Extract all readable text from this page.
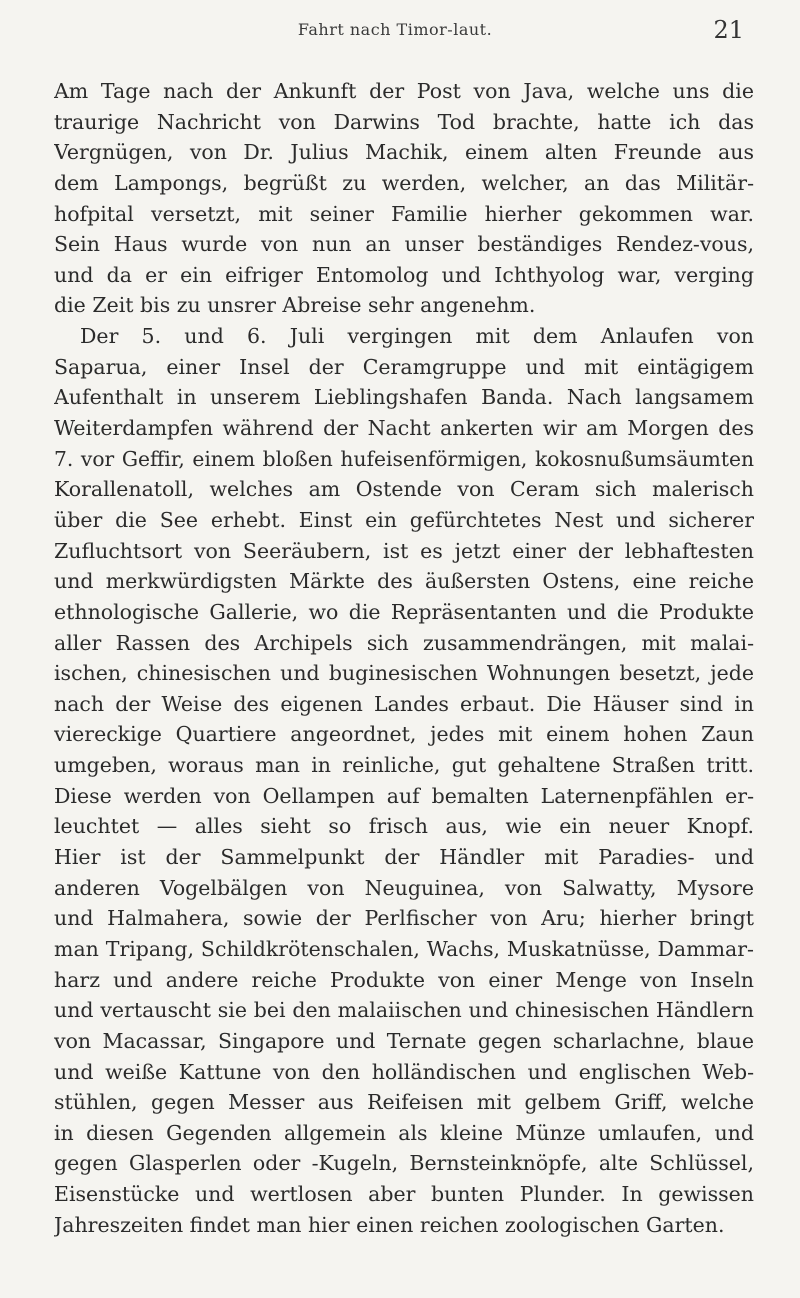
Fahrt nach Timor-laut.	21
Am Tage nach der Ankunft der Post von Java, welche uns die
traurige Nachricht von Darwins Tod brachte, hatte ich das
Vergnügen, von Dr. Julius Machik, einem alten Freunde aus
dem Lampongs, begrüßt zu werden, welcher, an das Militär-
hofpital versetzt, mit seiner Familie hierher gekommen war.
Sein Haus wurde von nun an unser beständiges Rendez-vous,
und da er ein eifriger Entomolog und Ichthyolog war, verging
die Zeit bis zu unsrer Abreise sehr angenehm.
Der 5. und 6. Juli vergingen mit dem Anlaufen von
Saparua, einer Insel der Ceramgruppe und mit eintägigem
Aufenthalt in unserem Lieblingshafen Banda. Nach langsamem
Weiterdampfen während der Nacht ankerten wir am Morgen des
7. vor Geffir, einem bloßen hufeisenförmigen, kokosnußumsäumten
Korallenatoll, welches am Ostende von Ceram sich malerisch
über die See erhebt. Einst ein gefürchtetes Nest und sicherer
Zufluchtsort von Seeräubern, ist es jetzt einer der lebhaftesten
und merkwürdigsten Märkte des äußersten Ostens, eine reiche
ethnologische Gallerie, wo die Repräsentanten und die Produkte
aller Rassen des Archipels sich zusammendrängen, mit malai-
ischen, chinesischen und buginesischen Wohnungen besetzt, jede
nach der Weise des eigenen Landes erbaut. Die Häuser sind in
viereckige Quartiere angeordnet, jedes mit einem hohen Zaun
umgeben, woraus man in reinliche, gut gehaltene Straßen tritt.
Diese werden von Oellampen auf bemalten Laternenpfählen er-
leuchtet — alles sieht so frisch aus, wie ein neuer Knopf.
Hier ist der Sammelpunkt der Händler mit Paradies- und
anderen Vogelbälgen von Neuguinea, von Salwatty, Mysore
und Halmahera, sowie der Perlfischer von Aru; hierher bringt
man Tripang, Schildkrötenschalen, Wachs, Muskatnüsse, Dammar-
harz und andere reiche Produkte von einer Menge von Inseln
und vertauscht sie bei den malaiischen und chinesischen Händlern
von Macassar, Singapore und Ternate gegen scharlachne, blaue
und weiße Kattune von den holländischen und englischen Web-
stühlen, gegen Messer aus Reifeisen mit gelbem Griff, welche
in diesen Gegenden allgemein als kleine Münze umlaufen, und
gegen Glasperlen oder -Kugeln, Bernsteinknöpfe, alte Schlüssel,
Eisenstücke und wertlosen aber bunten Plunder. In gewissen
Jahreszeiten findet man hier einen reichen zoologischen Garten.
